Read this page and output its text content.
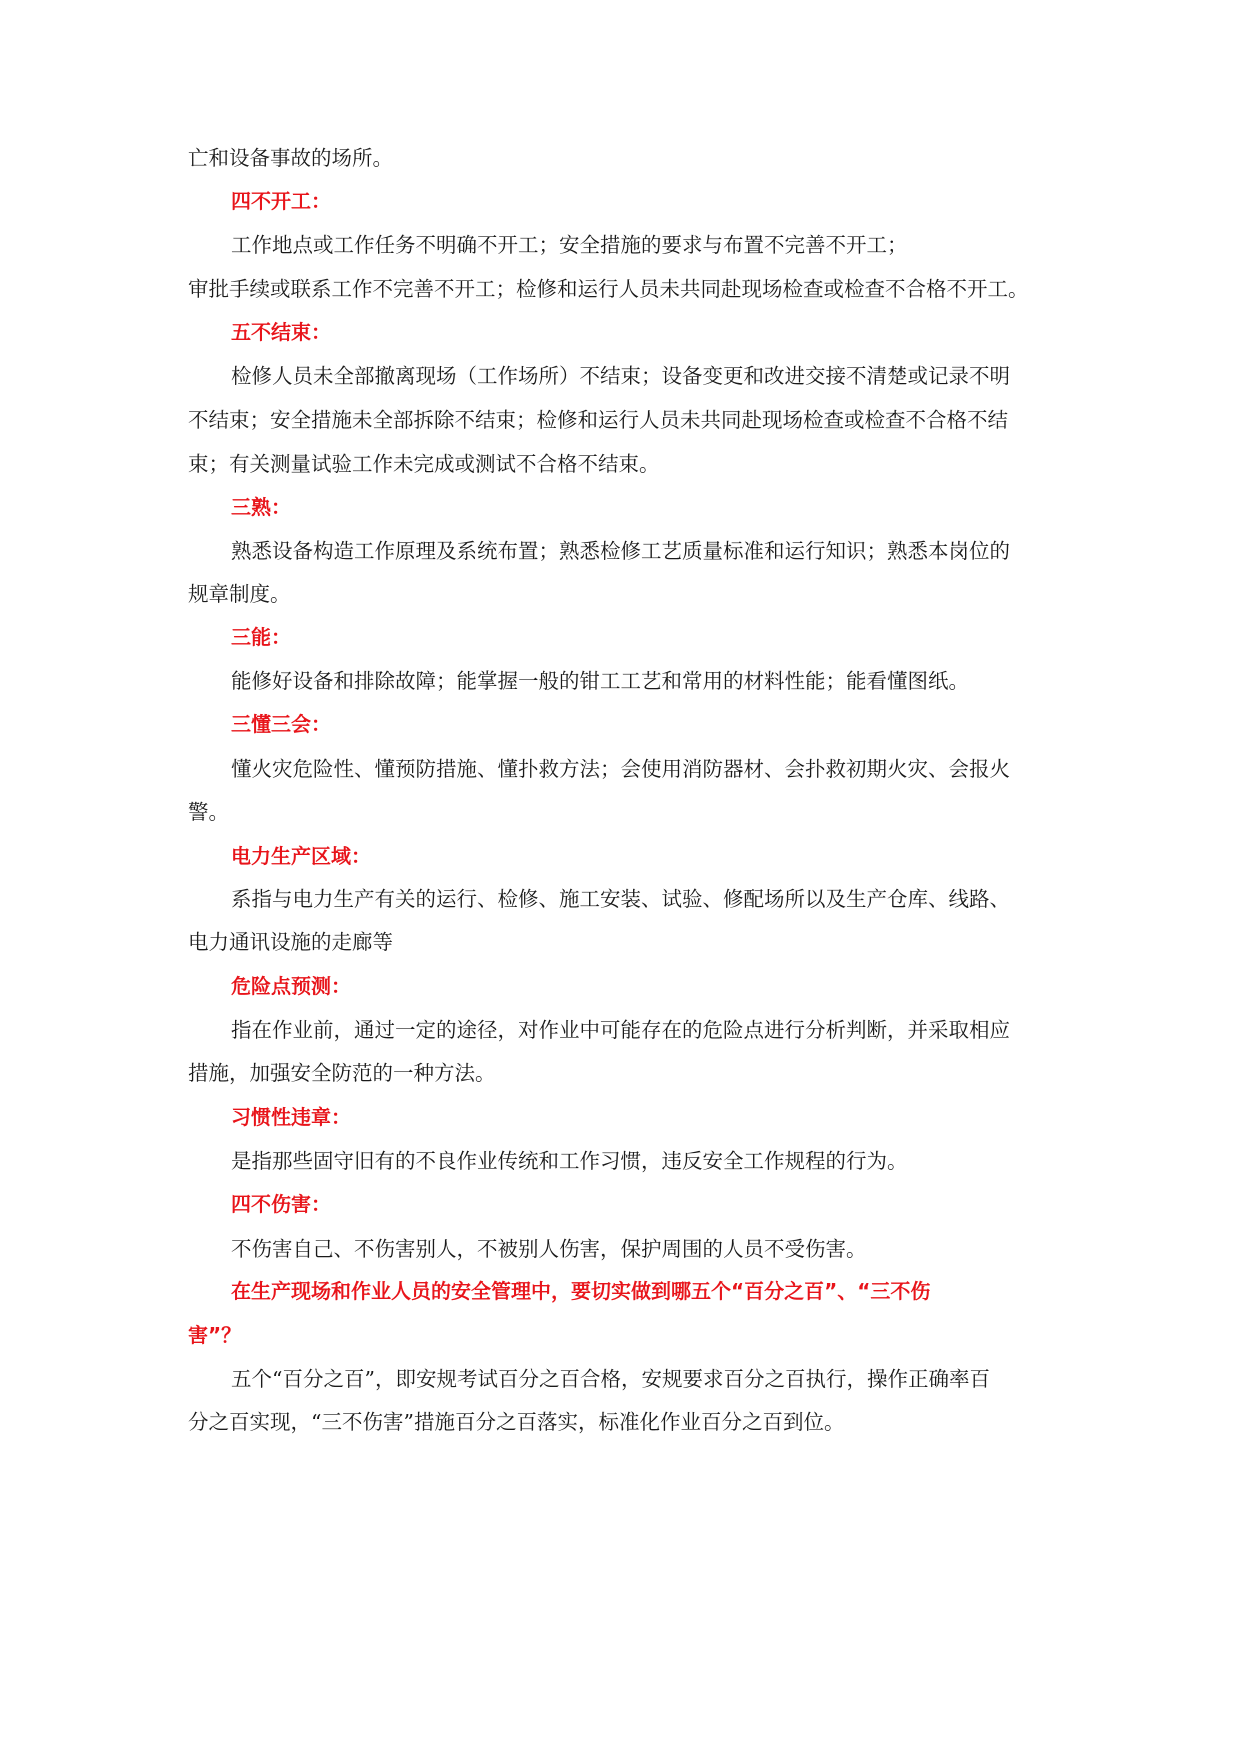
亡和设备事故的场所。
四不开工：
工作地点或工作任务不明确不开工；安全措施的要求与布置不完善不开工；
审批手续或联系工作不完善不开工；检修和运行人员未共同赴现场检查或检查不合格不开工。
五不结束：
检修人员未全部撤离现场（工作场所）不结束；设备变更和改进交接不清楚或记录不明
不结束；安全措施未全部拆除不结束；检修和运行人员未共同赴现场检查或检查不合格不结
束；有关测量试验工作未完成或测试不合格不结束。
三熟：
熟悉设备构造工作原理及系统布置；熟悉检修工艺质量标准和运行知识；熟悉本岗位的
规章制度。
三能：
能修好设备和排除故障；能掌握一般的钳工工艺和常用的材料性能；能看懂图纸。
三懂三会：
懂火灾危险性、懂预防措施、懂扑救方法；会使用消防器材、会扑救初期火灾、会报火
警。
电力生产区域：
系指与电力生产有关的运行、检修、施工安装、试验、修配场所以及生产仓库、线路、
电力通讯设施的走廊等
危险点预测：
指在作业前，通过一定的途径，对作业中可能存在的危险点进行分析判断，并采取相应
措施，加强安全防范的一种方法。
习惯性违章：
是指那些固守旧有的不良作业传统和工作习惯，违反安全工作规程的行为。
四不伤害：
不伤害自己、不伤害别人，不被别人伤害，保护周围的人员不受伤害。
在生产现场和作业人员的安全管理中，要切实做到哪五个“百分之百”、“三不伤
害”？
五个“百分之百”，即安规考试百分之百合格，安规要求百分之百执行，操作正确率百
分之百实现，“三不伤害”措施百分之百落实，标准化作业百分之百到位。
